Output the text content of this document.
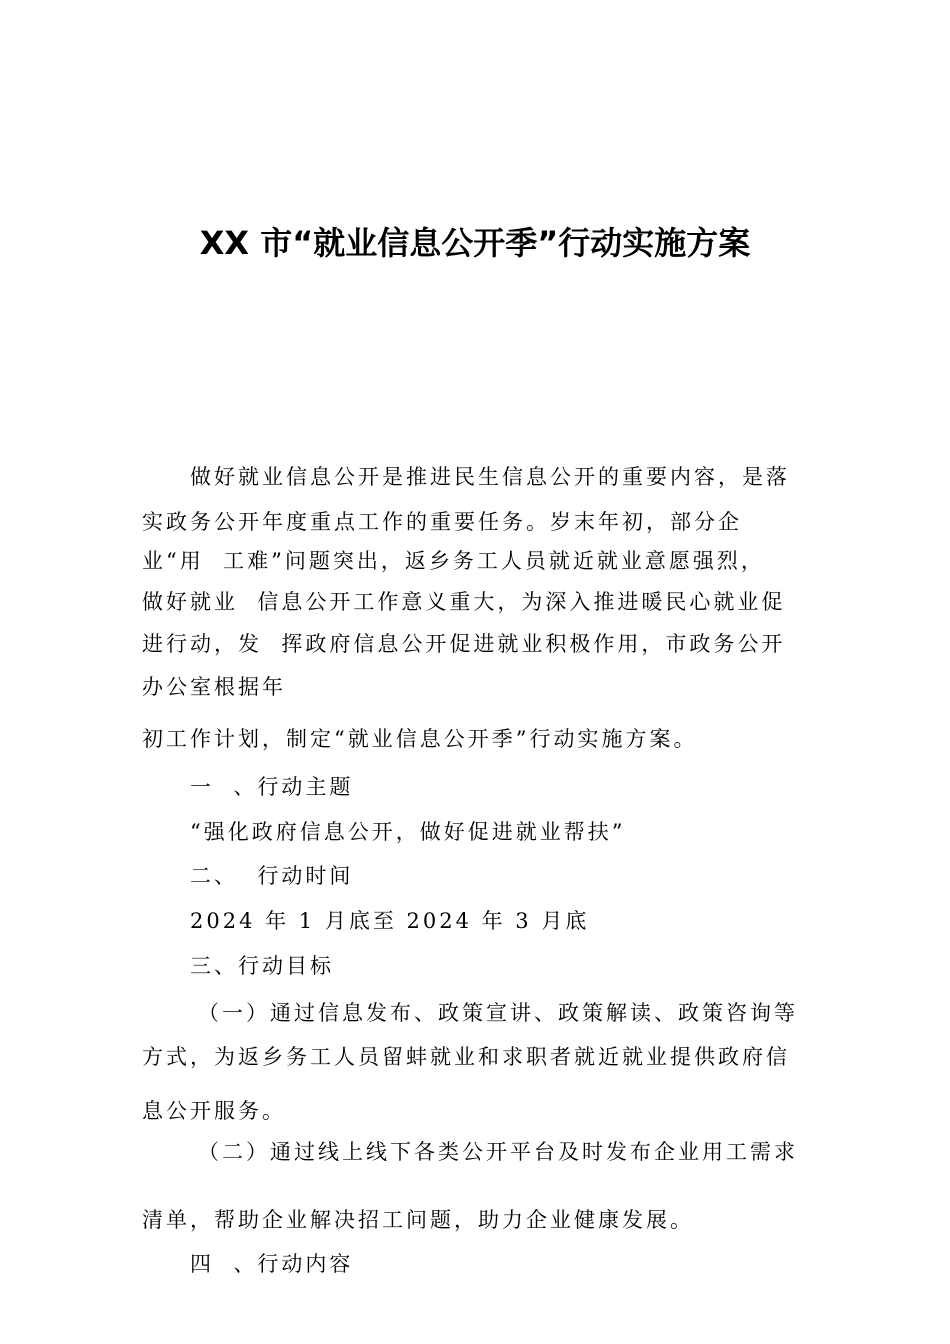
XX 市“就业信息公开季”行动实施方案
做好就业信息公开是推进民生信息公开的重要内容，是落
实政务公开年度重点工作的重要任务。岁末年初，部分企
业“用  工难”问题突出，返乡务工人员就近就业意愿强烈，
做好就业  信息公开工作意义重大，为深入推进暖民心就业促
进行动，发  挥政府信息公开促进就业积极作用，市政务公开
办公室根据年
初工作计划，制定“就业信息公开季”行动实施方案。
一  、行动主题
“强化政府信息公开，做好促进就业帮扶”
二、  行动时间
2024 年 1 月底至 2024 年 3 月底
三、行动目标
（一）通过信息发布、政策宣讲、政策解读、政策咨询等
方式，为返乡务工人员留蚌就业和求职者就近就业提供政府信
息公开服务。
（二）通过线上线下各类公开平台及时发布企业用工需求
清单，帮助企业解决招工问题，助力企业健康发展。
四  、行动内容
